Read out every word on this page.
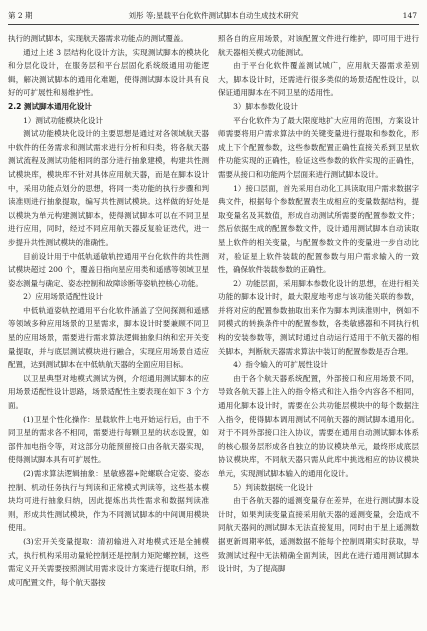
第 2 期	刘彤 等;星载平台化软件测试脚本自动生成技术研究	147

执行的测试脚本，实现航天器需求功能点的测试覆盖。

通过上述 3 层结构化设计方法，实现测试脚本的模块化和分层化设计，在服务层和平台层固化系统级通用功能逻辑，解决测试脚本的通用化难题，使得测试脚本设计具有良好的可扩展性和易维护性。

2.2 测试脚本通用化设计

1）测试功能模块化设计

测试功能模块化设计的主要思想是通过对各领域航天器中软件的任务需求和测试需求进行分析和归类，将各航天器测试流程及测试功能相同的部分进行抽象建模，构建共性测试模块库，模块库不针对具体应用航天器，而是在脚本设计中，采用功能点划分的思想，将同一类功能的执行步骤和判读准则进行抽象提取，编写共性测试模块。这样做的好处是以模块为单元构建测试脚本，使得测试脚本可以在不同卫星进行应用，同时，经过不同应用航天器反复验证迭代，进一步提升共性测试模块的准确性。

目前设计用于中低轨遥敏轨控通用平台化软件的共性测试模块超过 200 个，覆盖日指向星应用类和遥感等领域卫星姿态测量与确定、姿态控制和故障诊断等姿轨控核心功能。

2）应用场景适配性设计

中低轨道姿轨控通用平台化软件涵盖了空间探测和遥感等领域多种应用场景的卫星需求，脚本设计时要兼顾不同卫星的应用场景，需要进行需求算法逻辑抽象归纳和宏开关变量提取，并与底层测试模块进行融合，实现应用场景自适应配置，达到测试脚本在中低轨航天器的全面应用目标。

以卫星典型对地模式测试为例，介绍通用测试脚本的应用场景适配性设计思路，场景适配性主要表现在如下 3 个方面。

(1)卫星个性化操作：星载软件上电开始运行后，由于不同卫星的需求各不相同，需要进行每颗卫星的状态设置，如部件加电指令等，对这部分功能预留接口由各航天器实现，使得测试脚本具有可扩展性。

(2)需求算法逻辑抽象：星敏感器+陀螺联合定姿、姿态控制、机动任务执行与判读和正常模式判读等，这些基本模块均可进行抽象归纳，因此提炼出共性需求和数据判读准则，形成共性测试模块，作为不同测试脚本的中间调用模块使用。

(3)宏开关变量提取：清初输进入对地模式还是全捕模式，执行机构采用动量轮控制还是控制力矩陀螺控制，这些需定义开关需要按照测试用需求设计方案进行提取归纳，形成可配置文件，每个航天器按

照各自的应用场景，对该配置文件进行维护，即可用于进行航天器相关模式功能测试。

由于平台化软件覆盖测试城广，应用航天器需求差别大，脚本设计时，还需进行很多类似的场景适配性设计，以保证通用脚本在不同卫星的适用性。

3）脚本参数化设计

平台化软件为了最大限度地扩大应用的范围，方案设计师需要将用户需求算法中的关键变量进行提取和参数化，形成上下个配置参数，这些参数配置正确性直接关系到卫星软件功能实现的正确性，验证这些参数的软件实现的正确性，需要从接口和功能两个层面来进行测试脚本设计。

1）接口层面，首先采用自动化工具读取用户需求数据字典文件，根据每个参数配置表生成相应的变量数据结构，提取变量名及其数值，形成自动测试所需要的配置参数文件；然后依据生成的配置参数文件，设计通用测试脚本自动读取星上软件的相关变量，与配置参数文件的变量进一步自动比对，验证星上软件装载的配置参数与用户需求输入的一致性，确保软件装载参数的正确性。

2）功能层面，采用脚本参数化设计的思想，在进行相关功能的脚本设计时，最大限度地考虑与该功能关联的参数，并将对应的配置参数抽取出来作为脚本判读准则中，例如不同模式的转换条件中的配置参数，各类敏感器和不同执行机构的安装参数等，测试时通过自动运行适用于不航天器的相关脚本，判断航天器需求算法中装订的配置参数是否合理。

4）指令输入的可扩展性设计

由于各个航天器系统配置，外部接口和应用场景不同，导致各航天器上注入的指令格式和注入指令内容各不相同，通用化脚本设计时，需要在公共功能层模块中的每个数据注入指令，使得脚本调用测试不同航天器的测试脚本通用化。对于不同外部接口注入协议，需要在通用自动测试脚本体系的核心服务层形成各自独立的协议模块单元，最终形成底层协议模块库，不同航天器只需从此库中挑选相应的协议模块单元，实现测试脚本输入的通用化设计。

5）判读数据统一化设计

由于各航天器的遥测变量存在差异，在进行测试脚本设计时，如果判读变量直接采用航天器的遥测变量，会造成不同航天器间的测试脚本无法直接复用，同时由于星上遥测数据更新周期率低，遥测数据不能每个控制周期实时获取，导致测试过程中无法精确全面判读，因此在进行通用测试脚本设计时，为了提高脚
